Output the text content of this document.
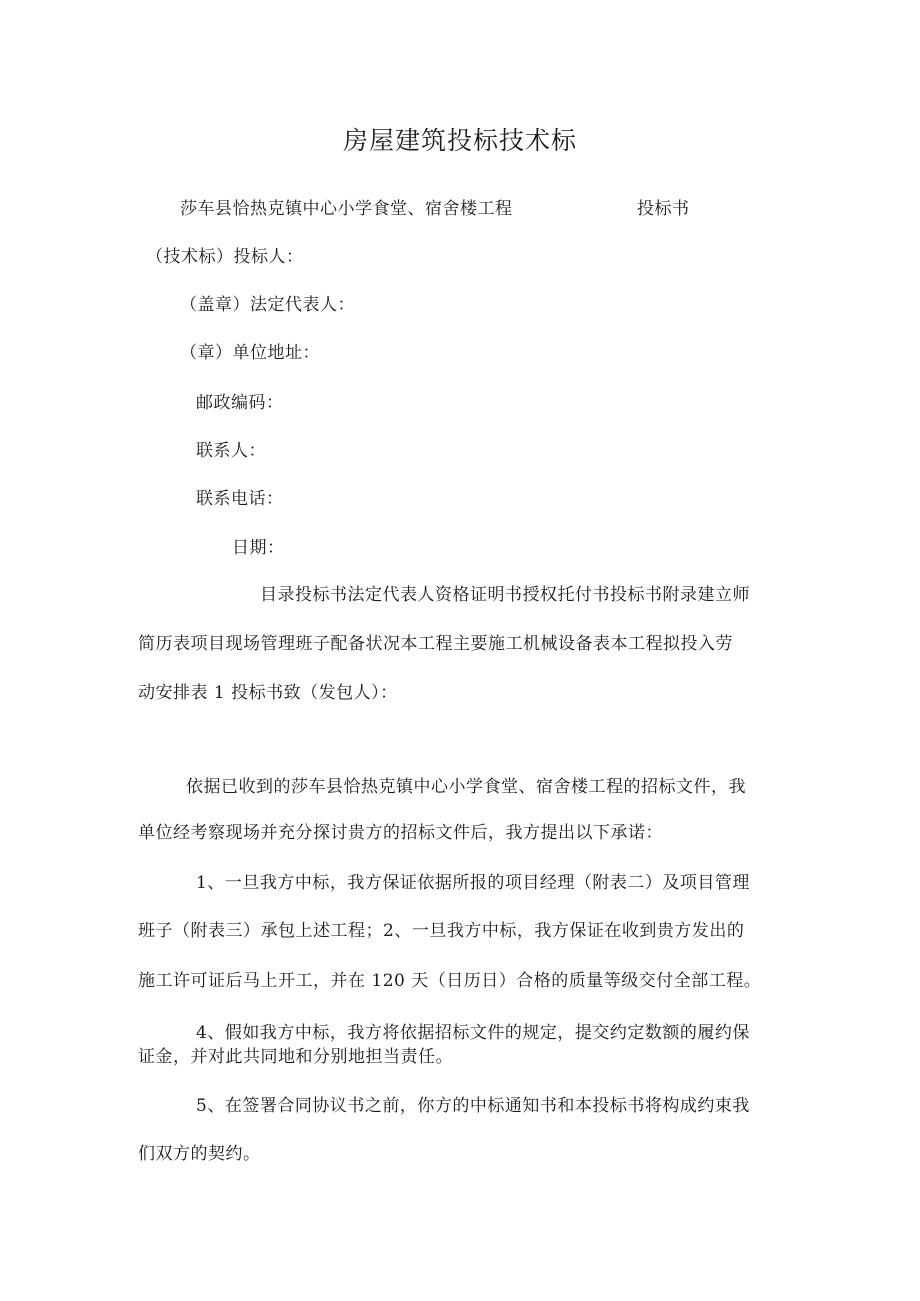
房屋建筑投标技术标
莎车县恰热克镇中心小学食堂、宿舍楼工程	投标书
（技术标）投标人：
（盖章）法定代表人：
（章）单位地址：
邮政编码：
联系人：
联系电话：
日期：
目录投标书法定代表人资格证明书授权托付书投标书附录建立师
简历表项目现场管理班子配备状况本工程主要施工机械设备表本工程拟投入劳
动安排表 1 投标书致（发包人）：
依据已收到的莎车县恰热克镇中心小学食堂、宿舍楼工程的招标文件，我
单位经考察现场并充分探讨贵方的招标文件后，我方提出以下承诺：
1、一旦我方中标，我方保证依据所报的项目经理（附表二）及项目管理
班子（附表三）承包上述工程；2、一旦我方中标，我方保证在收到贵方发出的
施工许可证后马上开工，并在 120 天（日历日）合格的质量等级交付全部工程。
4、假如我方中标，我方将依据招标文件的规定，提交约定数额的履约保
证金，并对此共同地和分别地担当责任。
5、在签署合同协议书之前，你方的中标通知书和本投标书将构成约束我
们双方的契约。
